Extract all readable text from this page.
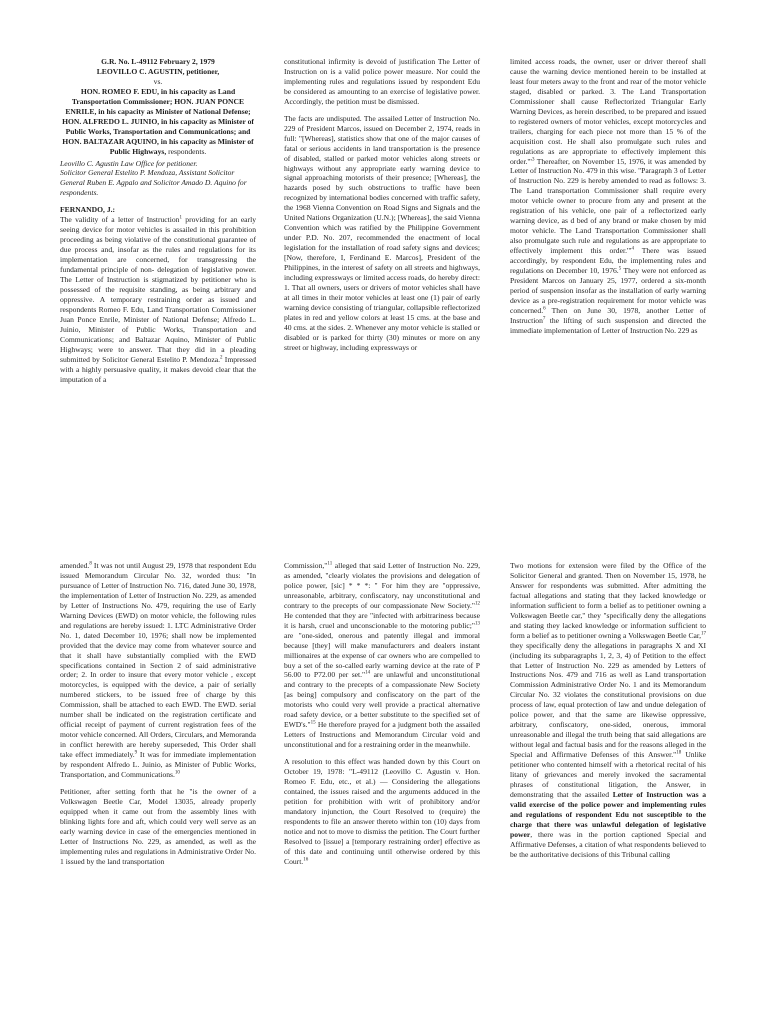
G.R. No. L-49112 February 2, 1979
LEOVILLO C. AGUSTIN, petitioner,
vs.
HON. ROMEO F. EDU, in his capacity as Land Transportation Commissioner; HON. JUAN PONCE ENRILE, in his capacity as Minister of National Defense; HON. ALFREDO L. JUINIO, in his capacity as Minister of Public Works, Transportation and Communications; and HON. BALTAZAR AQUINO, in his capacity as Minister of Public Highways, respondents.
Leovillo C. Agustin Law Office for petitioner.
Solicitor General Estelito P. Mendoza, Assistant Solicitor General Ruben E. Agpalo and Solicitor Amado D. Aquino for respondents.

FERNANDO, J.:
The validity of a letter of Instruction$^1$ providing for an early seeing device for motor vehicles is assailed in this prohibition proceeding as being violative of the constitutional guarantee of due process and, insofar as the rules and regulations for its implementation are concerned, for transgressing the fundamental principle of non- delegation of legislative power. The Letter of Instruction is stigmatized by petitioner who is possessed of the requisite standing, as being arbitrary and oppressive. A temporary restraining order as issued and respondents Romeo F. Edu, Land Transportation Commissioner Juan Ponce Enrile, Minister of National Defense; Alfredo L. Juinio, Minister of Public Works, Transportation and Communications; and Baltazar Aquino, Minister of Public Highways; were to answer. That they did in a pleading submitted by Solicitor General Estelito P. Mendoza.$^2$ Impressed with a highly persuasive quality, it makes devoid clear that the imputation of a

constitutional infirmity is devoid of justification The Letter of Instruction on is a valid police power measure. Nor could the implementing rules and regulations issued by respondent Edu be considered as amounting to an exercise of legislative power. Accordingly, the petition must be dismissed.

The facts are undisputed. The assailed Letter of Instruction No. 229 of President Marcos, issued on December 2, 1974, reads in full: "[Whereas], statistics show that one of the major causes of fatal or serious accidents in land transportation is the presence of disabled, stalled or parked motor vehicles along streets or highways without any appropriate early warning device to signal approaching motorists of their presence; [Whereas], the hazards posed by such obstructions to traffic have been recognized by international bodies concerned with traffic safety, the 1968 Vienna Convention on Road Signs and Signals and the United Nations Organization (U.N.); [Whereas], the said Vienna Convention which was ratified by the Philippine Government under P.D. No. 207, recommended the enactment of local legislation for the installation of road safety signs and devices; [Now, therefore, I, Ferdinand E. Marcos], President of the Philippines, in the interest of safety on all streets and highways, including expressways or limited access roads, do hereby direct: 1. That all owners, users or drivers of motor vehicles shall have at all times in their motor vehicles at least one (1) pair of early warning device consisting of triangular, collapsible reflectorized plates in red and yellow colors at least 15 cms. at the base and 40 cms. at the sides. 2. Whenever any motor vehicle is stalled or disabled or is parked for thirty (30) minutes or more on any street or highway, including expressways or

limited access roads, the owner, user or driver thereof shall cause the warning device mentioned herein to be installed at least four meters away to the front and rear of the motor vehicle staged, disabled or parked. 3. The Land Transportation Commissioner shall cause Reflectorized Triangular Early Warning Devices, as herein described, to be prepared and issued to registered owners of motor vehicles, except motorcycles and trailers, charging for each piece not more than 15 % of the acquisition cost. He shall also promulgate such rules and regulations as are appropriate to effectively implement this order.'"$^3$ Thereafter, on November 15, 1976, it was amended by Letter of Instruction No. 479 in this wise. "Paragraph 3 of Letter of Instruction No. 229 is hereby amended to read as follows: 3. The Land transportation Commissioner shall require every motor vehicle owner to procure from any and present at the registration of his vehicle, one pair of a reflectorized early warning device, as d bed of any brand or make chosen by mid motor vehicle. The Land Transportation Commissioner shall also promulgate such rule and regulations as are appropriate to effectively implement this order.'"$^4$ There was issued accordingly, by respondent Edu, the implementing rules and regulations on December 10, 1976.$^5$ They were not enforced as President Marcos on January 25, 1977, ordered a six-month period of suspension insofar as the installation of early warning device as a pre-registration requirement for motor vehicle was concerned.$^6$ Then on June 30, 1978, another Letter of Instruction$^7$ the lifting of such suspension and directed the immediate implementation of Letter of Instruction No. 229 as

amended.$^8$ It was not until August 29, 1978 that respondent Edu issued Memorandum Circular No. 32, worded thus: "In pursuance of Letter of Instruction No. 716, dated June 30, 1978, the implementation of Letter of Instruction No. 229, as amended by Letter of Instructions No. 479, requiring the use of Early Warning Devices (EWD) on motor vehicle, the following rules and regulations are hereby issued: 1. LTC Administrative Order No. 1, dated December 10, 1976; shall now be implemented provided that the device may come from whatever source and that it shall have substantially complied with the EWD specifications contained in Section 2 of said administrative order; 2. In order to insure that every motor vehicle , except motorcycles, is equipped with the device, a pair of serially numbered stickers, to be issued free of charge by this Commission, shall be attached to each EWD. The EWD. serial number shall be indicated on the registration certificate and official receipt of payment of current registration fees of the motor vehicle concerned. All Orders, Circulars, and Memoranda in conflict herewith are hereby superseded, This Order shall take effect immediately.$^9$ It was for immediate implementation by respondent Alfredo L. Juinio, as Minister of Public Works, Transportation, and Communications.$^{10}$

Petitioner, after setting forth that he "is the owner of a Volkswagen Beetle Car, Model 13035, already properly equipped when it came out from the assembly lines with blinking lights fore and aft, which could very well serve as an early warning device in case of the emergencies mentioned in Letter of Instructions No. 229, as amended, as well as the implementing rules and regulations in Administrative Order No. 1 issued by the land transportation

Commission,"$^{11}$ alleged that said Letter of Instruction No. 229, as amended, "clearly violates the provisions and delegation of police power, [sic] * * *: " For him they are "oppressive, unreasonable, arbitrary, confiscatory, nay unconstitutional and contrary to the precepts of our compassionate New Society."$^{12}$ He contended that they are "infected with arbitrariness because it is harsh, cruel and unconscionable to the motoring public;"$^{13}$ are "one-sided, onerous and patently illegal and immoral because [they] will make manufacturers and dealers instant millionaires at the expense of car owners who are compelled to buy a set of the so-called early warning device at the rate of P 56.00 to P72.00 per set."$^{14}$ are unlawful and unconstitutional and contrary to the precepts of a compassionate New Society [as being] compulsory and confiscatory on the part of the motorists who could very well provide a practical alternative road safety device, or a better substitute to the specified set of EWD's."$^{15}$ He therefore prayed for a judgment both the assailed Letters of Instructions and Memorandum Circular void and unconstitutional and for a restraining order in the meanwhile.

A resolution to this effect was handed down by this Court on October 19, 1978: "L-49112 (Leovillo C. Agustin v. Hon. Romeo F. Edu, etc., et al.) — Considering the allegations contained, the issues raised and the arguments adduced in the petition for prohibition with writ of prohibitory and/or mandatory injunction, the Court Resolved to (require) the respondents to file an answer thereto within ton (10) days from notice and not to move to dismiss the petition. The Court further Resolved to [issue] a [temporary restraining order] effective as of this date and continuing until otherwise ordered by this Court.$^{16}$

Two motions for extension were filed by the Office of the Solicitor General and granted. Then on November 15, 1978, he Answer for respondents was submitted. After admitting the factual allegations and stating that they lacked knowledge or information sufficient to form a belief as to petitioner owning a Volkswagen Beetle car," they "specifically deny the allegations and stating they lacked knowledge or information sufficient to form a belief as to petitioner owning a Volkswagen Beetle Car,$^{17}$ they specifically deny the allegations in paragraphs X and XI (including its subparagraphs 1, 2, 3, 4) of Petition to the effect that Letter of Instruction No. 229 as amended by Letters of Instructions Nos. 479 and 716 as well as Land transportation Commission Administrative Order No. 1 and its Memorandum Circular No. 32 violates the constitutional provisions on due process of law, equal protection of law and undue delegation of police power, and that the same are likewise oppressive, arbitrary, confiscatory, one-sided, onerous, immoral unreasonable and illegal the truth being that said allegations are without legal and factual basis and for the reasons alleged in the Special and Affirmative Defenses of this Answer."$^{18}$ Unlike petitioner who contented himself with a rhetorical recital of his litany of grievances and merely invoked the sacramental phrases of constitutional litigation, the Answer, in demonstrating that the assailed Letter of Instruction was a valid exercise of the police power and implementing rules and regulations of respondent Edu not susceptible to the charge that there was unlawful delegation of legislative power, there was in the portion captioned Special and Affirmative Defenses, a citation of what respondents believed to be the authoritative decisions of this Tribunal calling
